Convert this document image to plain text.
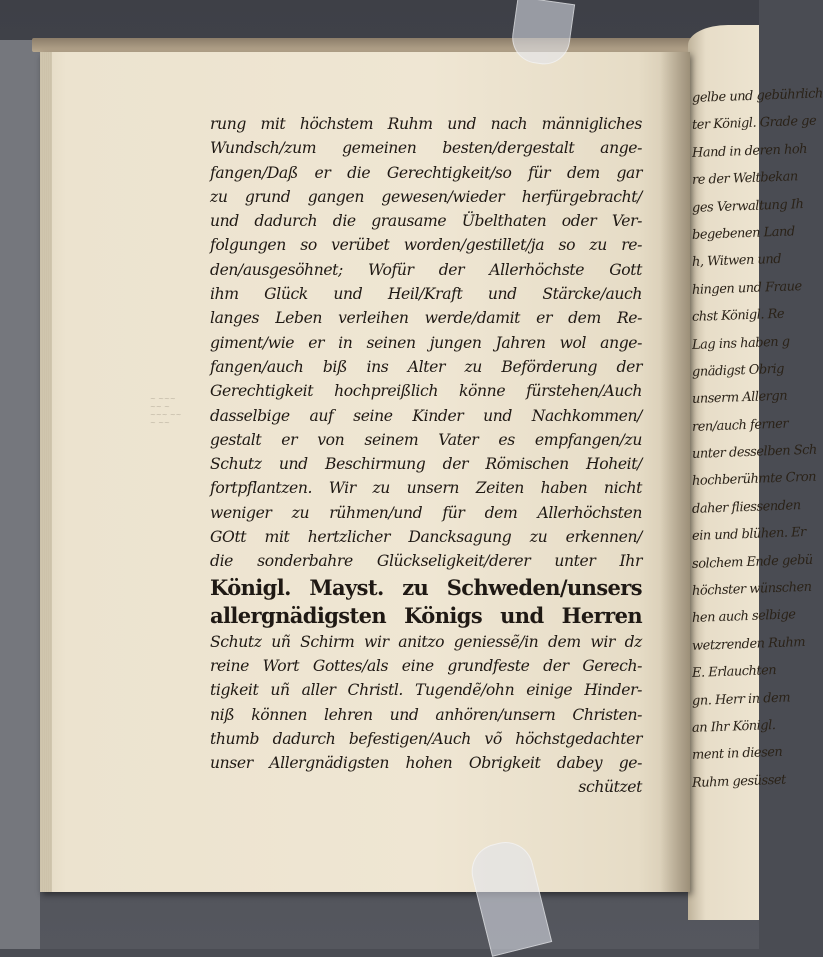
gelbe und gebührlich
ter Königl. Grade ge
Hand in deren hoh
re der Weltbekan
ges Verwaltung Ih
begebenen Land
h, Witwen und
hingen und Fraue
chst Königl. Re
Lag ins haben g
gnädigst Obrig
unserm Allergn
ren/auch ferner
unter desselben Sch
hochberühmte Cron
daher fliessenden
ein und blühen. Er
solchem Ende gebü
höchster wünschen
hen auch selbige
wetzrenden Ruhm
E. Erlauchten
gn. Herr in dem
an Ihr Königl.
ment in diesen
Ruhm gesüsset
~ ~~~
~~ ~
~~~ ~~
~ ~~
rung mit höchstem Ruhm und nach männigliches
Wundsch/zum gemeinen besten/dergestalt ange-
fangen/Daß er die Gerechtigkeit/so für dem gar
zu grund gangen gewesen/wieder herfürgebracht/
und dadurch die grausame Übelthaten oder Ver-
folgungen so verübet worden/gestillet/ja so zu re-
den/ausgesöhnet; Wofür der Allerhöchste Gott
ihm Glück und Heil/Kraft und Stärcke/auch
langes Leben verleihen werde/damit er dem Re-
giment/wie er in seinen jungen Jahren wol ange-
fangen/auch biß ins Alter zu Beförderung der
Gerechtigkeit hochpreißlich könne fürstehen/Auch
dasselbige auf seine Kinder und Nachkommen/
gestalt er von seinem Vater es empfangen/zu
Schutz und Beschirmung der Römischen Hoheit/
fortpflantzen. Wir zu unsern Zeiten haben nicht
weniger zu rühmen/und für dem Allerhöchsten
GOtt mit hertzlicher Dancksagung zu erkennen/
die sonderbahre Glückseligkeit/derer unter Ihr
Königl. Mayst. zu Schweden/unsers
allergnädigsten Königs und Herren
Schutz uñ Schirm wir anitzo geniessẽ/in dem wir dz
reine Wort Gottes/als eine grundfeste der Gerech-
tigkeit uñ aller Christl. Tugendẽ/ohn einige Hinder-
niß können lehren und anhören/unsern Christen-
thumb dadurch befestigen/Auch võ höchstgedachter
unser Allergnädigsten hohen Obrigkeit dabey ge-
schützet
